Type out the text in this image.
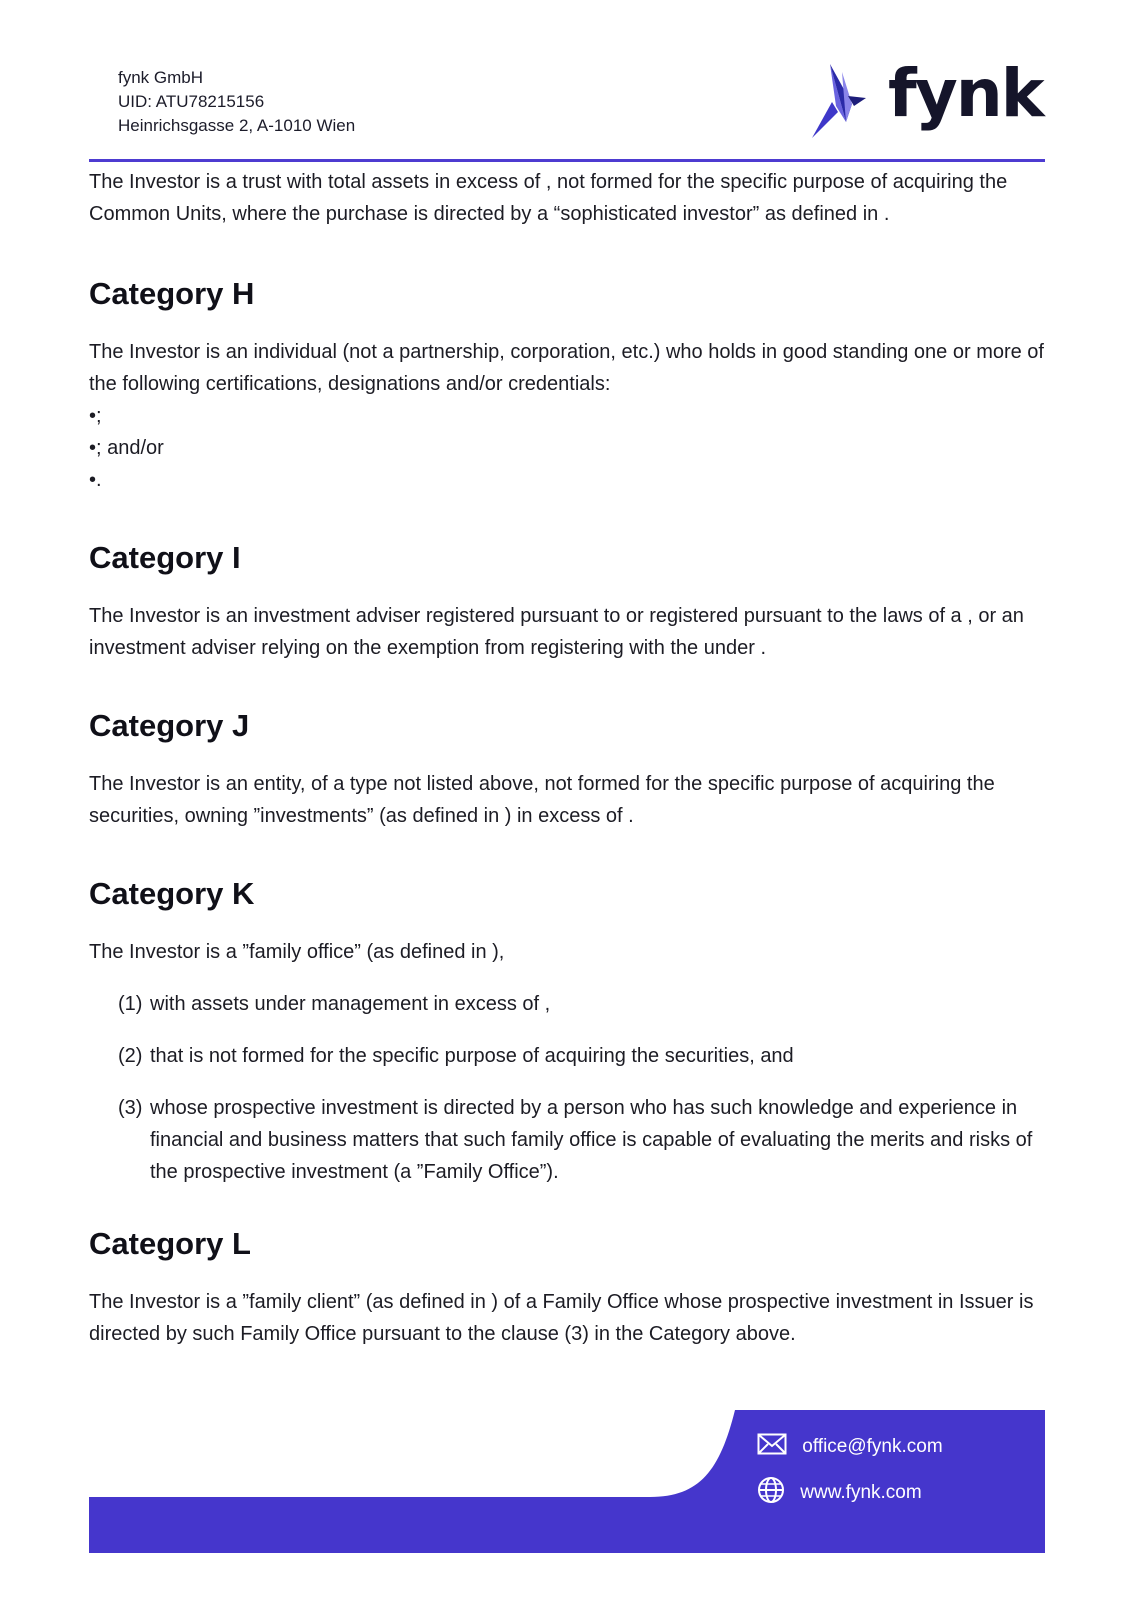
fynk GmbH
UID: ATU78215156
Heinrichsgasse 2, A-1010 Wien	fynk

The Investor is a trust with total assets in excess of , not formed for the specific purpose of acquiring the Common Units, where the purchase is directed by a “sophisticated investor” as defined in .

Category H

The Investor is an individual (not a partnership, corporation, etc.) who holds in good standing one or more of the following certifications, designations and/or credentials:

• ;
• ; and/or
• .
Category I

The Investor is an investment adviser registered pursuant to or registered pursuant to the laws of a , or an investment adviser relying on the exemption from registering with the under .

Category J

The Investor is an entity, of a type not listed above, not formed for the specific purpose of acquiring the securities, owning ”investments” (as defined in ) in excess of .

Category K

The Investor is a ”family office” (as defined in ),

(1) with assets under management in excess of ,
(2) that is not formed for the specific purpose of acquiring the securities, and
(3) whose prospective investment is directed by a person who has such knowledge and experience in financial and business matters that such family office is capable of evaluating the merits and risks of the prospective investment (a ”Family Office”).
Category L

The Investor is a ”family client” (as defined in ) of a Family Office whose prospective investment in Issuer is directed by such Family Office pursuant to the clause (3) in the Category above.

office@fynk.com
www.fynk.com
